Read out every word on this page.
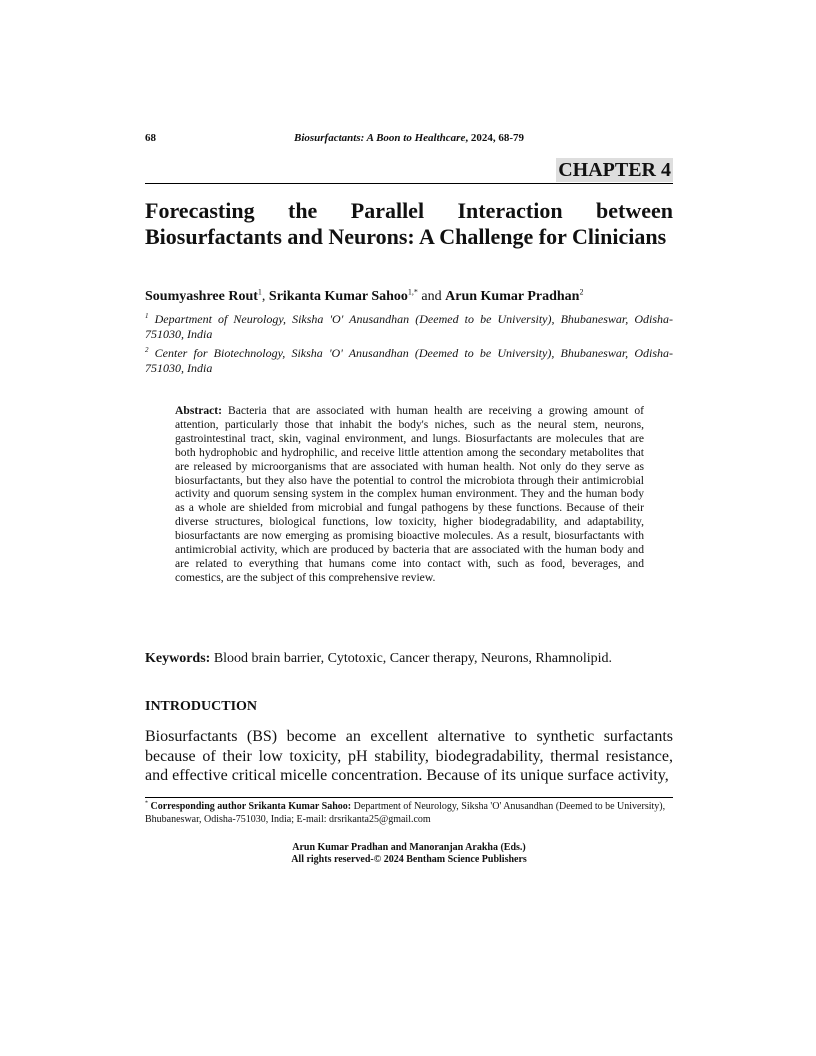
68	Biosurfactants: A Boon to Healthcare, 2024, 68-79
CHAPTER 4
Forecasting the Parallel Interaction between Biosurfactants and Neurons: A Challenge for Clinicians
Soumyashree Rout$^1$, Srikanta Kumar Sahoo$^{1,*}$ and Arun Kumar Pradhan$^2$
$^1$ Department of Neurology, Siksha 'O' Anusandhan (Deemed to be University), Bhubaneswar, Odisha-751030, India
$^2$ Center for Biotechnology, Siksha 'O' Anusandhan (Deemed to be University), Bhubaneswar, Odisha-751030, India
Abstract: Bacteria that are associated with human health are receiving a growing amount of attention, particularly those that inhabit the body's niches, such as the neural stem, neurons, gastrointestinal tract, skin, vaginal environment, and lungs. Biosurfactants are molecules that are both hydrophobic and hydrophilic, and receive little attention among the secondary metabolites that are released by microorganisms that are associated with human health. Not only do they serve as biosurfactants, but they also have the potential to control the microbiota through their antimicrobial activity and quorum sensing system in the complex human environment. They and the human body as a whole are shielded from microbial and fungal pathogens by these functions. Because of their diverse structures, biological functions, low toxicity, higher biodegradability, and adaptability, biosurfactants are now emerging as promising bioactive molecules. As a result, biosurfactants with antimicrobial activity, which are produced by bacteria that are associated with the human body and are related to everything that humans come into contact with, such as food, beverages, and comestics, are the subject of this comprehensive review.
Keywords: Blood brain barrier, Cytotoxic, Cancer therapy, Neurons, Rhamnolipid.
INTRODUCTION
Biosurfactants (BS) become an excellent alternative to synthetic surfactants because of their low toxicity, pH stability, biodegradability, thermal resistance, and effective critical micelle concentration. Because of its unique surface activity,
* Corresponding author Srikanta Kumar Sahoo: Department of Neurology, Siksha 'O' Anusandhan (Deemed to be University), Bhubaneswar, Odisha-751030, India; E-mail: drsrikanta25@gmail.com
Arun Kumar Pradhan and Manoranjan Arakha (Eds.)
All rights reserved-© 2024 Bentham Science Publishers
